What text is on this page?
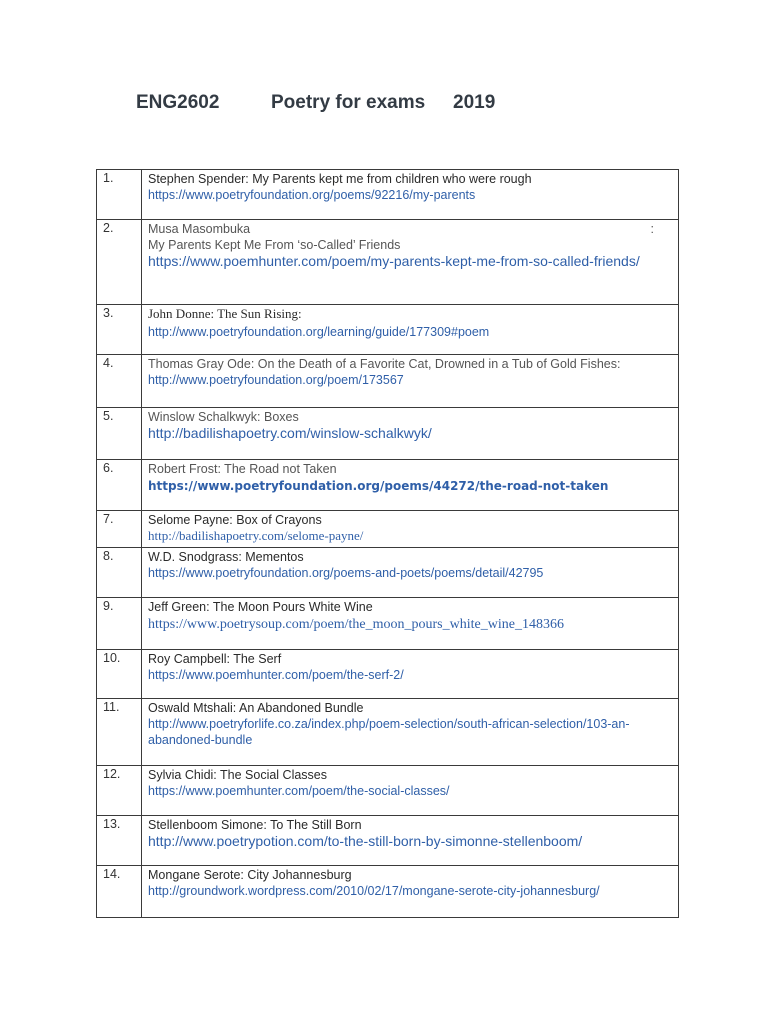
ENG2602	Poetry for exams 2019
1.	Stephen Spender: My Parents kept me from children who were rough
https://www.poetryfoundation.org/poems/92216/my-parents

2.	Musa Masombuka :
My Parents Kept Me From ‘so-Called’ Friends
https://www.poemhunter.com/poem/my-parents-kept-me-from-so-called-friends/

3.	John Donne: The Sun Rising:
http://www.poetryfoundation.org/learning/guide/177309#poem

4.	Thomas Gray Ode: On the Death of a Favorite Cat, Drowned in a Tub of Gold Fishes: http://www.poetryfoundation.org/poem/173567
5.	Winslow Schalkwyk: Boxes
http://badilishapoetry.com/winslow-schalkwyk/

6.	Robert Frost: The Road not Taken
https://www.poetryfoundation.org/poems/44272/the-road-not-taken

7.	Selome Payne: Box of Crayons
http://badilishapoetry.com/selome-payne/

8.	W.D. Snodgrass: Mementos
https://www.poetryfoundation.org/poems-and-poets/poems/detail/42795

9.	Jeff Green: The Moon Pours White Wine
https://www.poetrysoup.com/poem/the_moon_pours_white_wine_148366

10.	Roy Campbell: The Serf
https://www.poemhunter.com/poem/the-serf-2/

11.	Oswald Mtshali: An Abandoned Bundle
http://www.poetryforlife.co.za/index.php/poem-selection/south-african-selection/103-an-abandoned-bundle

12.	Sylvia Chidi: The Social Classes
https://www.poemhunter.com/poem/the-social-classes/

13.	Stellenboom Simone: To The Still Born
http://www.poetrypotion.com/to-the-still-born-by-simonne-stellenboom/

14.	Mongane Serote: City Johannesburg
http://groundwork.wordpress.com/2010/02/17/mongane-serote-city-johannesburg/
